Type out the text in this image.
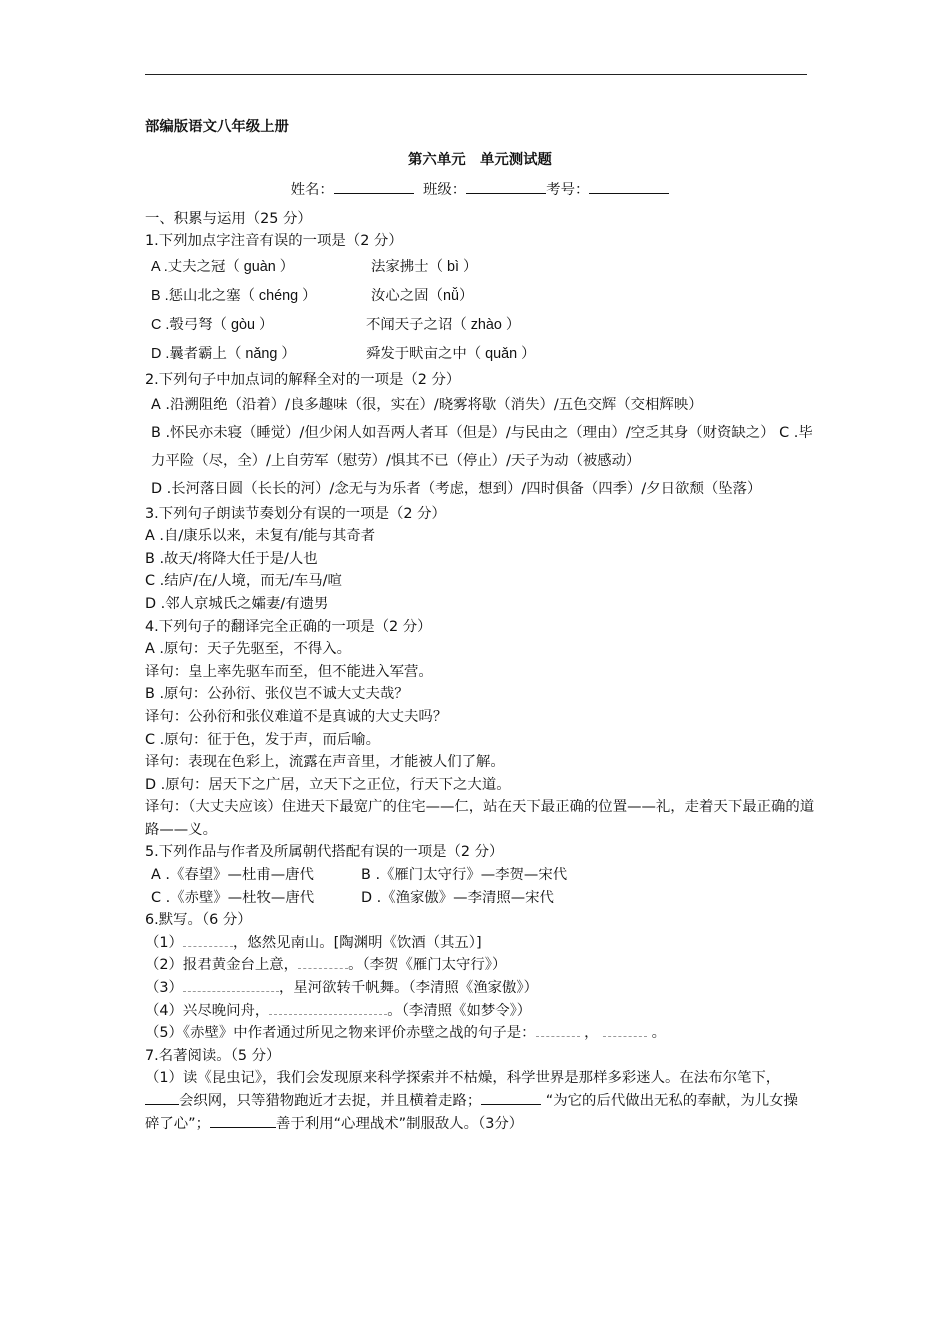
部编版语文八年级上册

第六单元　单元测试题

姓名：	班级：	考号：

一、积累与运用（25 分）

1.下列加点字注音有误的一项是（2 分）

A .丈夫之冠（ guàn ）	法家拂士（ bì ）

B .惩山北之塞（ chéng ）	汝心之固（nǚ）

C .彀弓弩（ gòu ）	不闻天子之诏（ zhào ）

D .曩者霸上（ nǎng ）	舜发于畎亩之中（ quǎn ）

2.下列句子中加点词的解释全对的一项是（2 分）

A .沿溯阻绝（沿着）/良多趣味（很，实在）/晓雾将歇（消失）/五色交辉（交相辉映）

B .怀民亦未寝（睡觉）/但少闲人如吾两人者耳（但是）/与民由之（理由）/空乏其身（财资缺之） C .毕力平险（尽，全）/上自劳军（慰劳）/惧其不已（停止）/天子为动（被感动）

D .长河落日圆（长长的河）/念无与为乐者（考虑，想到）/四时俱备（四季）/夕日欲颓（坠落）

3.下列句子朗读节奏划分有误的一项是（2 分）

A .自/康乐以来，未复有/能与其奇者

B .故天/将降大任于是/人也

C .结庐/在/人境，而无/车马/喧

D .邻人京城氏之孀妻/有遗男

4.下列句子的翻译完全正确的一项是（2 分）

A .原句：天子先驱至，不得入。

译句：皇上率先驱车而至，但不能进入军营。

B .原句：公孙衍、张仪岂不诚大丈夫哉？

译句：公孙衍和张仪难道不是真诚的大丈夫吗？

C .原句：征于色，发于声，而后喻。

译句：表现在色彩上，流露在声音里，才能被人们了解。

D .原句：居天下之广居，立天下之正位，行天下之大道。

译句：（大丈夫应该）住进天下最宽广的住宅——仁，站在天下最正确的位置——礼，走着天下最正确的道路——义。

5.下列作品与作者及所属朝代搭配有误的一项是（2 分）

A .《春望》—杜甫—唐代	B .《雁门太守行》—李贺—宋代

C .《赤壁》—杜牧—唐代	D .《渔家傲》—李清照—宋代

6.默写。（6 分）

（1）	，悠然见南山。[陶渊明《饮酒（其五）]

（2）报君黄金台上意，	。（李贺《雁门太守行》）

（3）	，星河欲转千帆舞。（李清照《渔家傲》）

（4）兴尽晚问舟，	。（李清照《如梦令》）

（5）《赤壁》中作者通过所见之物来评价赤壁之战的句子是：	，	。

7.名著阅读。（5 分）

（1）读《昆虫记》，我们会发现原来科学探索并不枯燥，科学世界是那样多彩迷人。在法布尔笔下，会织网，只等猎物跑近才去捉，并且横着走路；	“为它的后代做出无私的奉献，为儿女操碎了心”；	善于利用“心理战术”制服敌人。（3分）
